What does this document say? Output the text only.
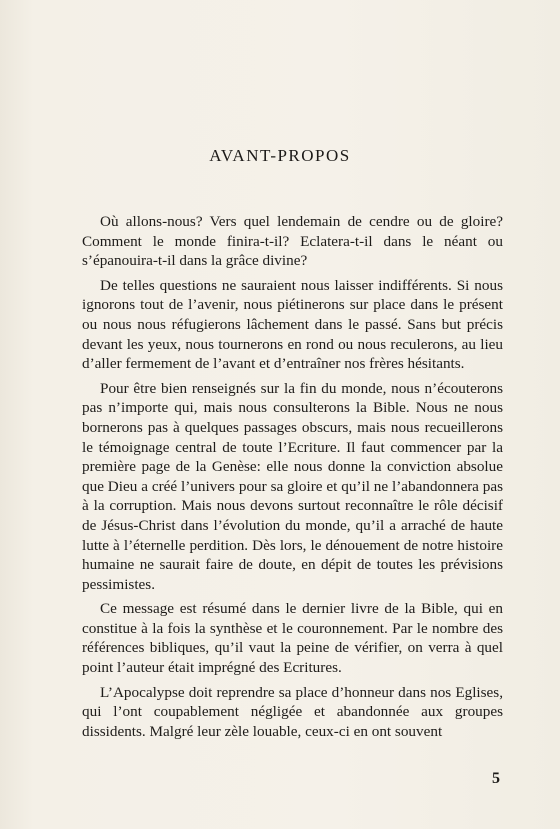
AVANT-PROPOS

Où allons-nous? Vers quel lendemain de cendre ou de gloire? Comment le monde finira-t-il? Eclatera-t-il dans le néant ou s’épanouira-t-il dans la grâce divine?

De telles questions ne sauraient nous laisser indifférents. Si nous ignorons tout de l’avenir, nous piétinerons sur place dans le présent ou nous nous réfugierons lâchement dans le passé. Sans but précis devant les yeux, nous tournerons en rond ou nous reculerons, au lieu d’aller fermement de l’avant et d’entraîner nos frères hésitants.

Pour être bien renseignés sur la fin du monde, nous n’écouterons pas n’importe qui, mais nous consulterons la Bible. Nous ne nous bornerons pas à quelques passages obscurs, mais nous recueillerons le témoignage central de toute l’Ecriture. Il faut commencer par la première page de la Genèse: elle nous donne la conviction absolue que Dieu a créé l’univers pour sa gloire et qu’il ne l’abandonnera pas à la corruption. Mais nous devons surtout reconnaître le rôle décisif de Jésus-Christ dans l’évolution du monde, qu’il a arraché de haute lutte à l’éternelle perdition. Dès lors, le dénouement de notre histoire humaine ne saurait faire de doute, en dépit de toutes les prévisions pessimistes.

Ce message est résumé dans le dernier livre de la Bible, qui en constitue à la fois la synthèse et le couronnement. Par le nombre des références bibliques, qu’il vaut la peine de vérifier, on verra à quel point l’auteur était imprégné des Ecritures.

L’Apocalypse doit reprendre sa place d’honneur dans nos Eglises, qui l’ont coupablement négligée et abandonnée aux groupes dissidents. Malgré leur zèle louable, ceux-ci en ont souvent

5
